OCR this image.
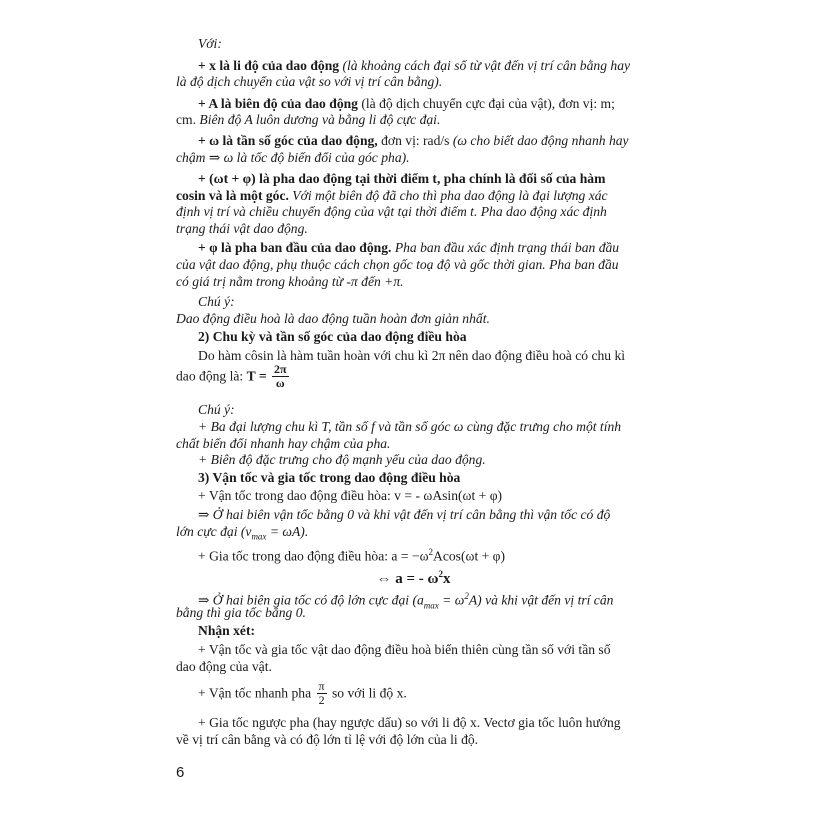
Với:
+ x là li độ của dao động (là khoảng cách đại số từ vật đến vị trí cân bằng hay
là độ dịch chuyển của vật so với vị trí cân bằng).
+ A là biên độ của dao động (là độ dịch chuyển cực đại của vật), đơn vị: m;
cm. Biên độ A luôn dương và bằng li độ cực đại.
+ ω là tần số góc của dao động, đơn vị: rad/s (ω cho biết dao động nhanh hay
chậm ⇒ ω là tốc độ biến đổi của góc pha).
+ (ωt + φ) là pha dao động tại thời điểm t, pha chính là đối số của hàm
cosin và là một góc. Với một biên độ đã cho thì pha dao động là đại lượng xác
định vị trí và chiều chuyển động của vật tại thời điểm t. Pha dao động xác định
trạng thái vật dao động.
+ φ là pha ban đầu của dao động. Pha ban đầu xác định trạng thái ban đầu
của vật dao động, phụ thuộc cách chọn gốc toạ độ và gốc thời gian. Pha ban đầu
có giá trị nằm trong khoảng từ -π đến +π.
Chú ý:
Dao động điều hoà là dao động tuần hoàn đơn giản nhất.
2) Chu kỳ và tần số góc của dao động điều hòa
Do hàm côsin là hàm tuần hoàn với chu kì 2π nên dao động điều hoà có chu kì
dao động là: $T = \frac{2\pi}{\omega}$
Chú ý:
+ Ba đại lượng chu kì T, tần số f và tần số góc ω cùng đặc trưng cho một tính
chất biến đổi nhanh hay chậm của pha.
+ Biên độ đặc trưng cho độ mạnh yếu của dao động.
3) Vận tốc và gia tốc trong dao động điều hòa
+ Vận tốc trong dao động điều hòa: v = - ωAsin(ωt + φ)
⇒ Ở hai biên vận tốc bằng 0 và khi vật đến vị trí cân bằng thì vận tốc có độ
lớn cực đại $(v_{max} = \omega A)$.
+ Gia tốc trong dao động điều hòa: $a = -\omega^2Acos(\omega t + \varphi)$
⇔ a = - $\omega^2x$
⇒ Ở hai biên gia tốc có độ lớn cực đại $(a_{max} = \omega^2A)$ và khi vật đến vị trí cân
bằng thì gia tốc bằng 0.
Nhận xét:
+ Vận tốc và gia tốc vật dao động điều hoà biến thiên cùng tần số với tần số
dao động của vật.
+ Vận tốc nhanh pha $\frac{\pi}{2}$ so với li độ x.
+ Gia tốc ngược pha (hay ngược dấu) so với li độ x. Vectơ gia tốc luôn hướng
về vị trí cân bằng và có độ lớn tỉ lệ với độ lớn của li độ.
6
